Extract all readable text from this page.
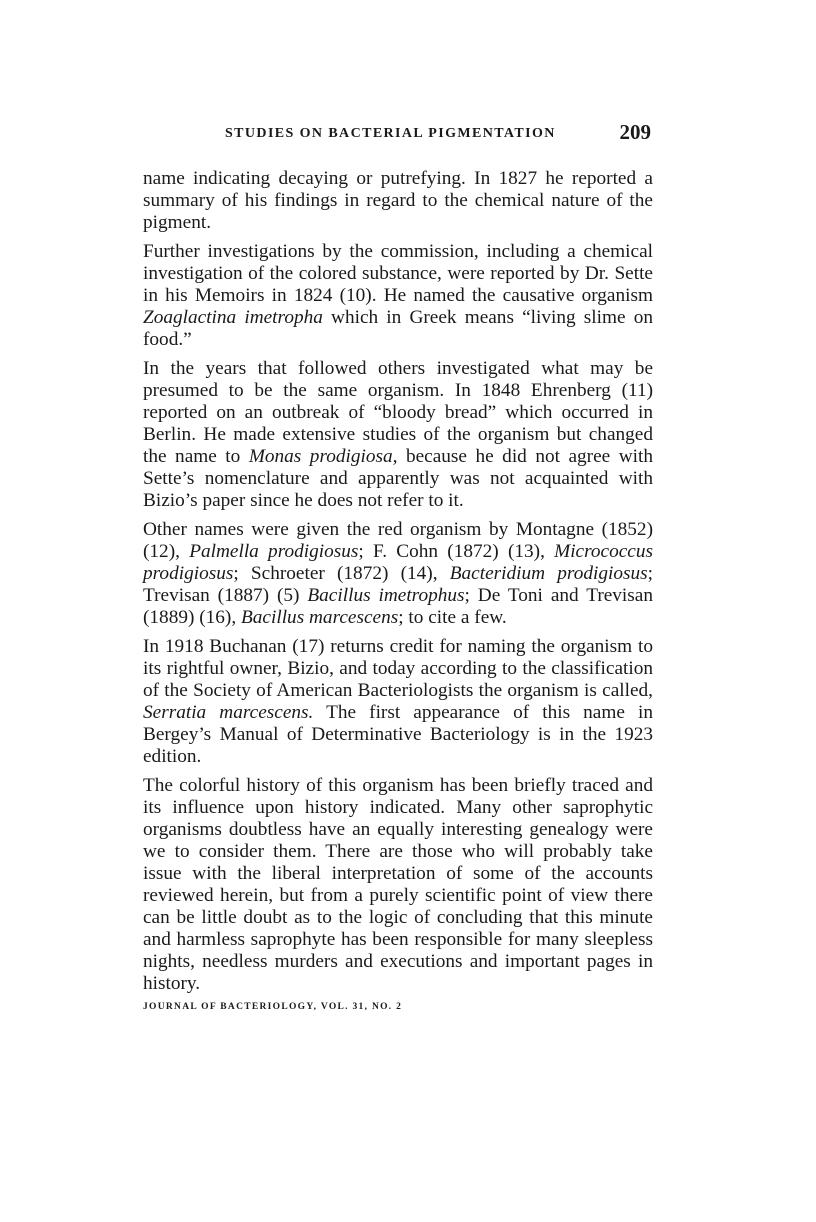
STUDIES ON BACTERIAL PIGMENTATION	209

name indicating decaying or putrefying. In 1827 he reported a summary of his findings in regard to the chemical nature of the pigment.

Further investigations by the commission, including a chemical investigation of the colored substance, were reported by Dr. Sette in his Memoirs in 1824 (10). He named the causative organism Zoaglactina imetropha which in Greek means “living slime on food.”

In the years that followed others investigated what may be presumed to be the same organism. In 1848 Ehrenberg (11) reported on an outbreak of “bloody bread” which occurred in Berlin. He made extensive studies of the organism but changed the name to Monas prodigiosa, because he did not agree with Sette’s nomenclature and apparently was not acquainted with Bizio’s paper since he does not refer to it.

Other names were given the red organism by Montagne (1852) (12), Palmella prodigiosus; F. Cohn (1872) (13), Micrococcus prodigiosus; Schroeter (1872) (14), Bacteridium prodigiosus; Trevisan (1887) (5) Bacillus imetrophus; De Toni and Trevisan (1889) (16), Bacillus marcescens; to cite a few.

In 1918 Buchanan (17) returns credit for naming the organism to its rightful owner, Bizio, and today according to the classification of the Society of American Bacteriologists the organism is called, Serratia marcescens. The first appearance of this name in Bergey’s Manual of Determinative Bacteriology is in the 1923 edition.

The colorful history of this organism has been briefly traced and its influence upon history indicated. Many other saprophytic organisms doubtless have an equally interesting genealogy were we to consider them. There are those who will probably take issue with the liberal interpretation of some of the accounts reviewed herein, but from a purely scientific point of view there can be little doubt as to the logic of concluding that this minute and harmless saprophyte has been responsible for many sleepless nights, needless murders and executions and important pages in history.

JOURNAL OF BACTERIOLOGY, VOL. 31, NO. 2
